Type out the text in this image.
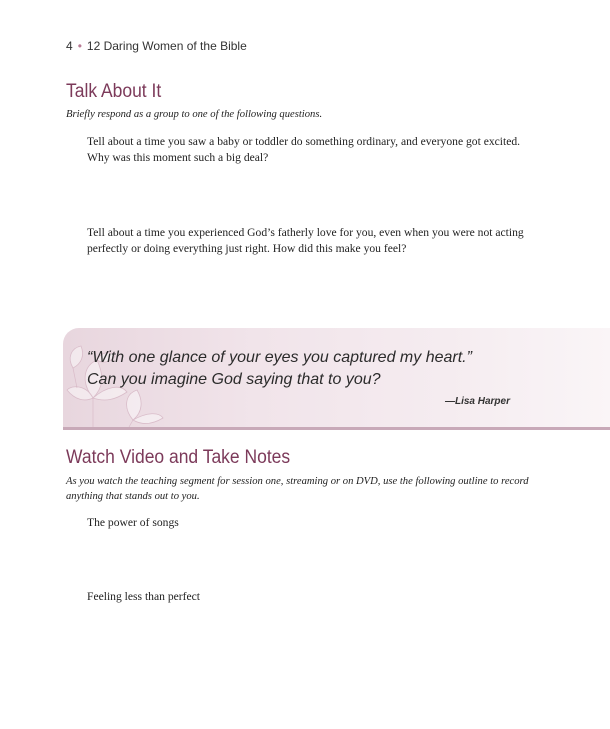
4 • 12 Daring Women of the Bible
Talk About It
Briefly respond as a group to one of the following questions.
Tell about a time you saw a baby or toddler do something ordinary, and everyone got excited. Why was this moment such a big deal?
Tell about a time you experienced God’s fatherly love for you, even when you were not acting perfectly or doing everything just right. How did this make you feel?
“With one glance of your eyes you captured my heart.”
Can you imagine God saying that to you?
—Lisa Harper
Watch Video and Take Notes
As you watch the teaching segment for session one, streaming or on DVD, use the following outline to record anything that stands out to you.
The power of songs
Feeling less than perfect
